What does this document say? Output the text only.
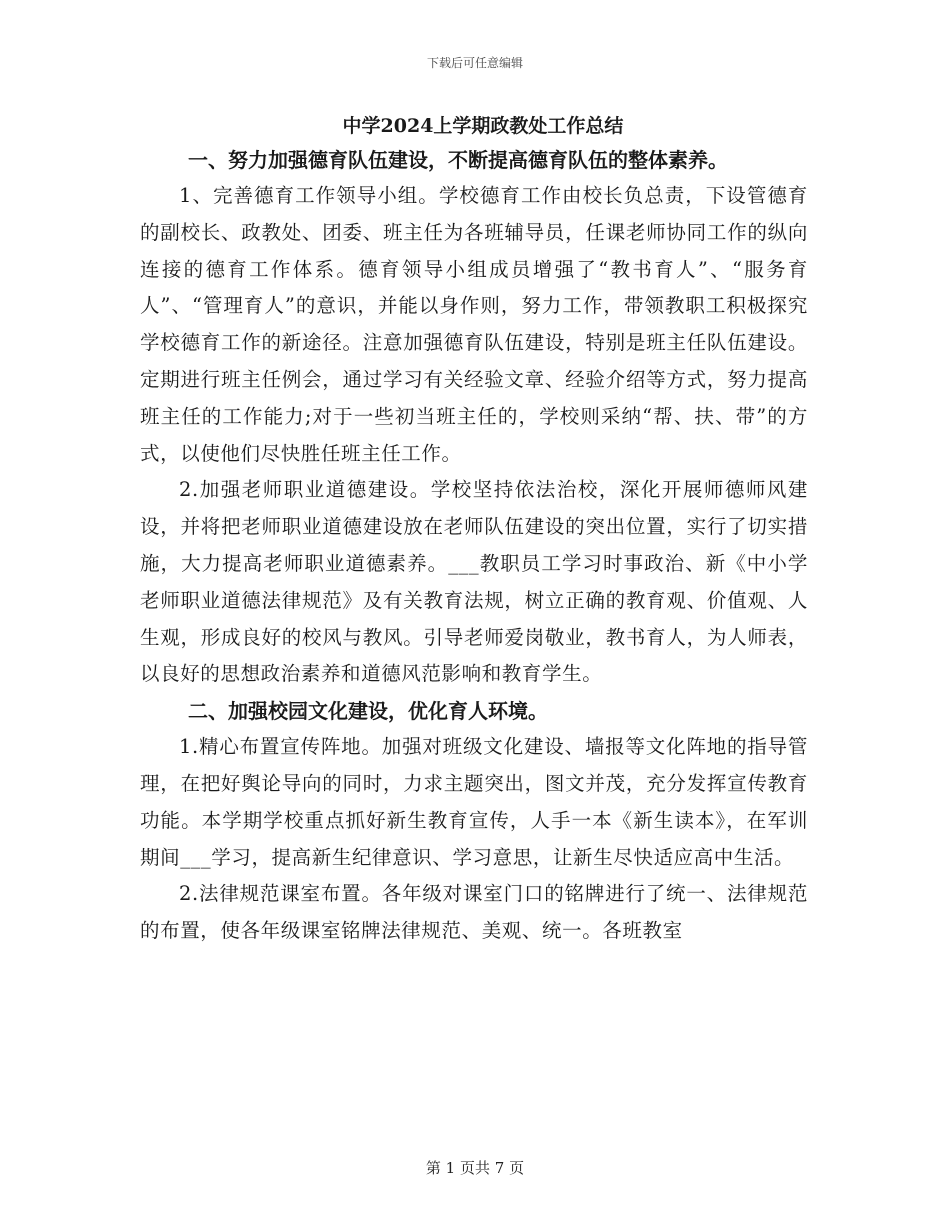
下载后可任意编辑
中学2024上学期政教处工作总结
一、努力加强德育队伍建设，不断提高德育队伍的整体素养。

1、完善德育工作领导小组。学校德育工作由校长负总责，下设管德育的副校长、政教处、团委、班主任为各班辅导员，任课老师协同工作的纵向连接的德育工作体系。德育领导小组成员增强了“教书育人”、“服务育人”、“管理育人”的意识，并能以身作则，努力工作，带领教职工积极探究学校德育工作的新途径。注意加强德育队伍建设，特别是班主任队伍建设。定期进行班主任例会，通过学习有关经验文章、经验介绍等方式，努力提高班主任的工作能力;对于一些初当班主任的，学校则采纳“帮、扶、带”的方式，以使他们尽快胜任班主任工作。

2.加强老师职业道德建设。学校坚持依法治校，深化开展师德师风建设，并将把老师职业道德建设放在老师队伍建设的突出位置，实行了切实措施，大力提高老师职业道德素养。___教职员工学习时事政治、新《中小学老师职业道德法律规范》及有关教育法规，树立正确的教育观、价值观、人生观，形成良好的校风与教风。引导老师爱岗敬业，教书育人，为人师表，以良好的思想政治素养和道德风范影响和教育学生。

二、加强校园文化建设，优化育人环境。

1.精心布置宣传阵地。加强对班级文化建设、墙报等文化阵地的指导管理，在把好舆论导向的同时，力求主题突出，图文并茂，充分发挥宣传教育功能。本学期学校重点抓好新生教育宣传，人手一本《新生读本》，在军训期间___学习，提高新生纪律意识、学习意思，让新生尽快适应高中生活。

2.法律规范课室布置。各年级对课室门口的铭牌进行了统一、法律规范的布置，使各年级课室铭牌法律规范、美观、统一。各班教室

第 1 页共 7 页
